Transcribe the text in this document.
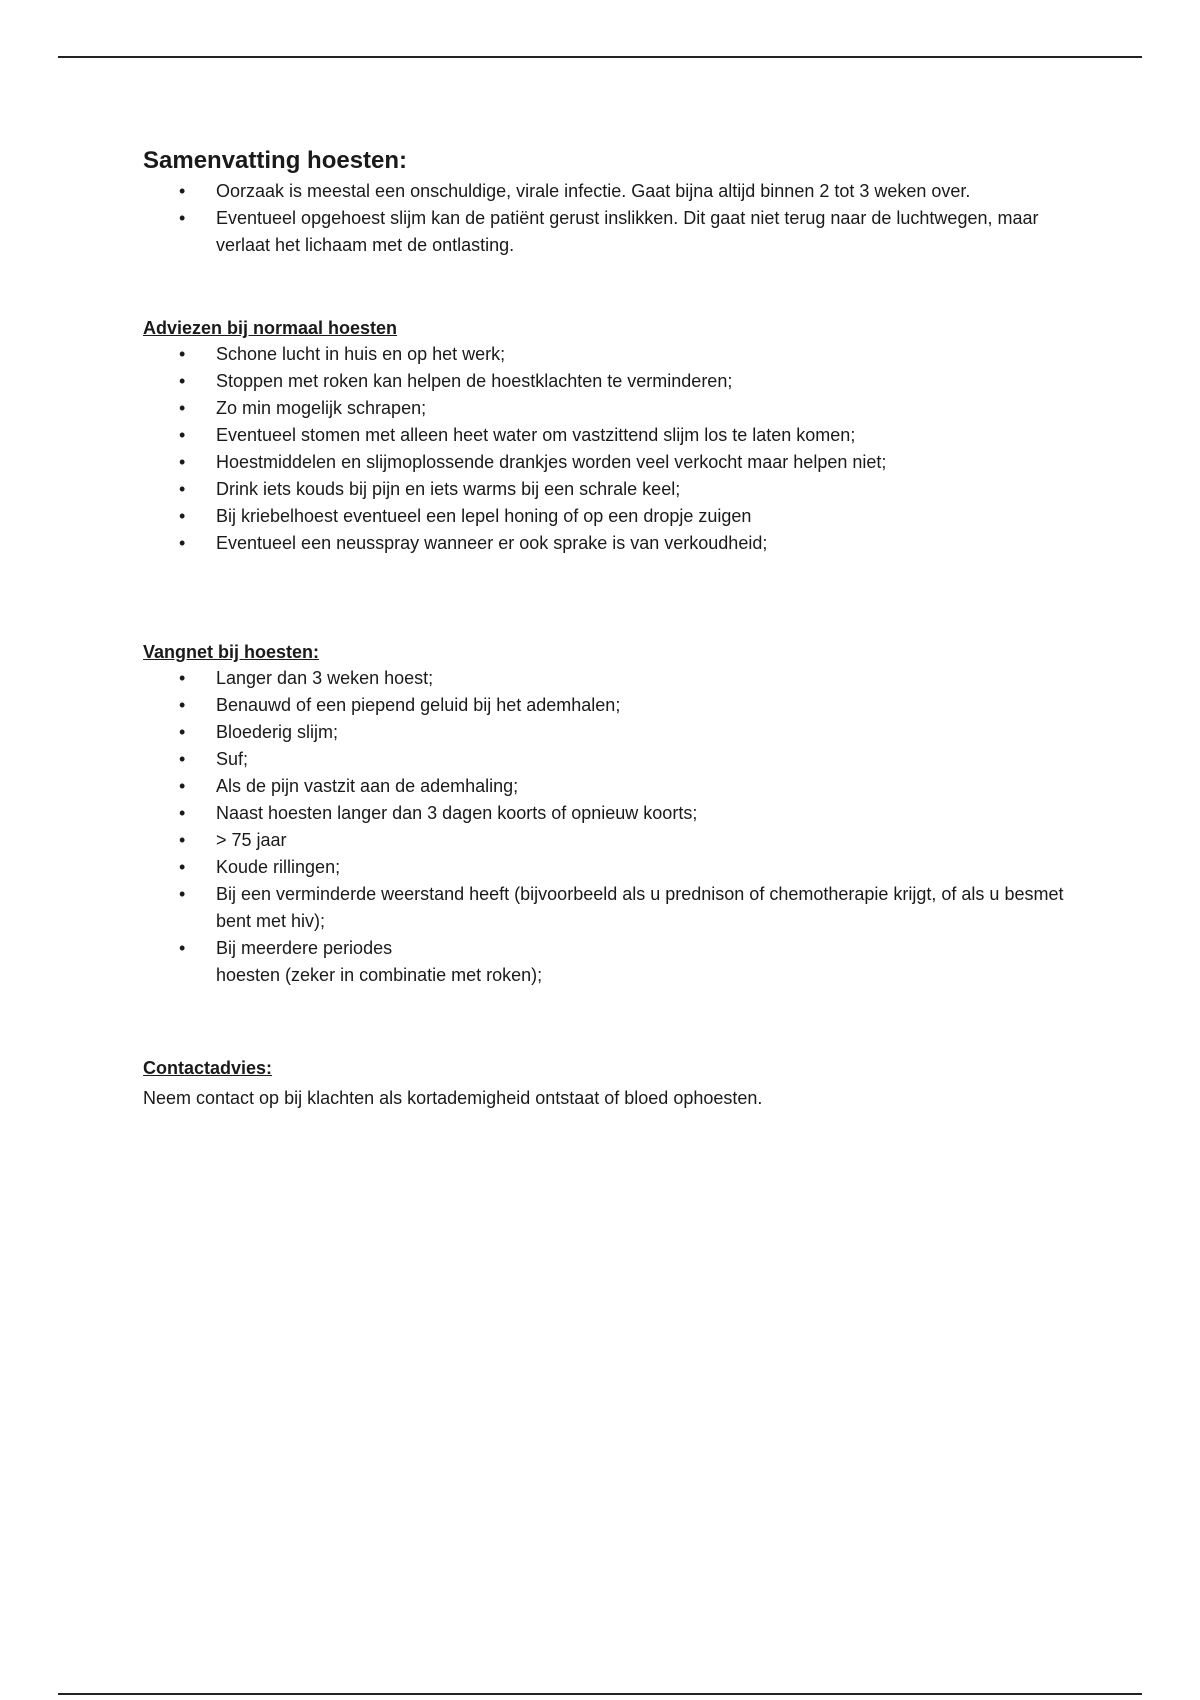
Samenvatting hoesten:
• Oorzaak is meestal een onschuldige, virale infectie. Gaat bijna altijd binnen 2 tot 3 weken over.
• Eventueel opgehoest slijm kan de patiënt gerust inslikken. Dit gaat niet terug naar de luchtwegen, maar verlaat het lichaam met de ontlasting.
Adviezen bij normaal hoesten
• Schone lucht in huis en op het werk;
• Stoppen met roken kan helpen de hoestklachten te verminderen;
• Zo min mogelijk schrapen;
• Eventueel stomen met alleen heet water om vastzittend slijm los te laten komen;
• Hoestmiddelen en slijmoplossende drankjes worden veel verkocht maar helpen niet;
• Drink iets kouds bij pijn en iets warms bij een schrale keel;
• Bij kriebelhoest eventueel een lepel honing of op een dropje zuigen
• Eventueel een neusspray wanneer er ook sprake is van verkoudheid;
Vangnet bij hoesten:
• Langer dan 3 weken hoest;
• Benauwd of een piepend geluid bij het ademhalen;
• Bloederig slijm;
• Suf;
• Als de pijn vastzit aan de ademhaling;
• Naast hoesten langer dan 3 dagen koorts of opnieuw koorts;
• > 75 jaar
• Koude rillingen;
• Bij een verminderde weerstand heeft (bijvoorbeeld als u prednison of chemotherapie krijgt, of als u besmet bent met hiv);
• Bij meerdere periodes
hoesten (zeker in combinatie met roken);
Contactadvies:

Neem contact op bij klachten als kortademigheid ontstaat of bloed ophoesten.
